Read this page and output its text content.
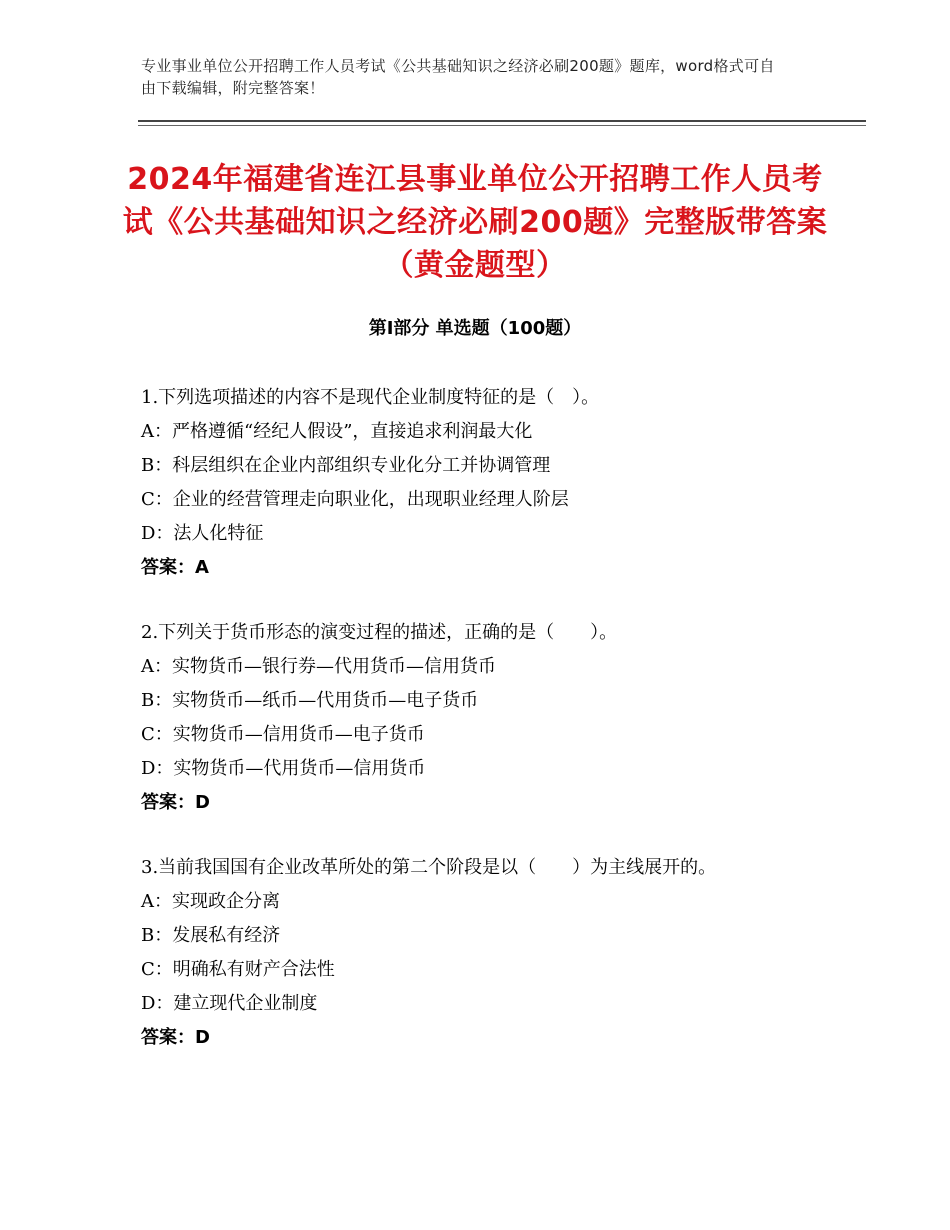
专业事业单位公开招聘工作人员考试《公共基础知识之经济必刷200题》题库，word格式可自由下载编辑，附完整答案！
2024年福建省连江县事业单位公开招聘工作人员考试《公共基础知识之经济必刷200题》完整版带答案（黄金题型）
第Ⅰ部分 单选题（100题）

1.下列选项描述的内容不是现代企业制度特征的是（　）。

A：严格遵循“经纪人假设”，直接追求利润最大化

B：科层组织在企业内部组织专业化分工并协调管理

C：企业的经营管理走向职业化，出现职业经理人阶层

D：法人化特征

答案：A

2.下列关于货币形态的演变过程的描述，正确的是（　　）。

A：实物货币—银行券—代用货币—信用货币

B：实物货币—纸币—代用货币—电子货币

C：实物货币—信用货币—电子货币

D：实物货币—代用货币—信用货币

答案：D

3.当前我国国有企业改革所处的第二个阶段是以（　　）为主线展开的。

A：实现政企分离

B：发展私有经济

C：明确私有财产合法性

D：建立现代企业制度

答案：D
